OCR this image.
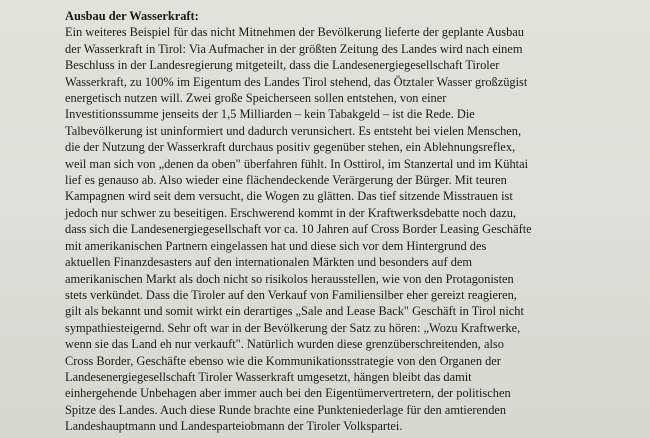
Ausbau der Wasserkraft:
Ein weiteres Beispiel für das nicht Mitnehmen der Bevölkerung lieferte der geplante Ausbau
der Wasserkraft in Tirol: Via Aufmacher in der größten Zeitung des Landes wird nach einem
Beschluss in der Landesregierung mitgeteilt, dass die Landesenergiegesellschaft Tiroler
Wasserkraft, zu 100% im Eigentum des Landes Tirol stehend, das Ötztaler Wasser großzügist
energetisch nutzen will. Zwei große Speicherseen sollen entstehen, von einer
Investitionssumme jenseits der 1,5 Milliarden – kein Tabakgeld – ist die Rede. Die
Talbevölkerung ist uninformiert und dadurch verunsichert. Es entsteht bei vielen Menschen,
die der Nutzung der Wasserkraft durchaus positiv gegenüber stehen, ein Ablehnungsreflex,
weil man sich von „denen da oben" überfahren fühlt. In Osttirol, im Stanzertal und im Kühtai
lief es genauso ab. Also wieder eine flächendeckende Verärgerung der Bürger. Mit teuren
Kampagnen wird seit dem versucht, die Wogen zu glätten. Das tief sitzende Misstrauen ist
jedoch nur schwer zu beseitigen. Erschwerend kommt in der Kraftwerksdebatte noch dazu,
dass sich die Landesenergiegesellschaft vor ca. 10 Jahren auf Cross Border Leasing Geschäfte
mit amerikanischen Partnern eingelassen hat und diese sich vor dem Hintergrund des
aktuellen Finanzdesasters auf den internationalen Märkten und besonders auf dem
amerikanischen Markt als doch nicht so risikolos herausstellen, wie von den Protagonisten
stets verkündet. Dass die Tiroler auf den Verkauf von Familiensilber eher gereizt reagieren,
gilt als bekannt und somit wirkt ein derartiges „Sale and Lease Back" Geschäft in Tirol nicht
sympathiesteigernd. Sehr oft war in der Bevölkerung der Satz zu hören: „Wozu Kraftwerke,
wenn sie das Land eh nur verkauft". Natürlich wurden diese grenzüberschreitenden, also
Cross Border, Geschäfte ebenso wie die Kommunikationsstrategie von den Organen der
Landesenergiegesellschaft Tiroler Wasserkraft umgesetzt, hängen bleibt das damit
einhergehende Unbehagen aber immer auch bei den Eigentümervertretern, der politischen
Spitze des Landes. Auch diese Runde brachte eine Punkteniederlage für den amtierenden
Landeshauptmann und Landesparteiobmann der Tiroler Volkspartei.
